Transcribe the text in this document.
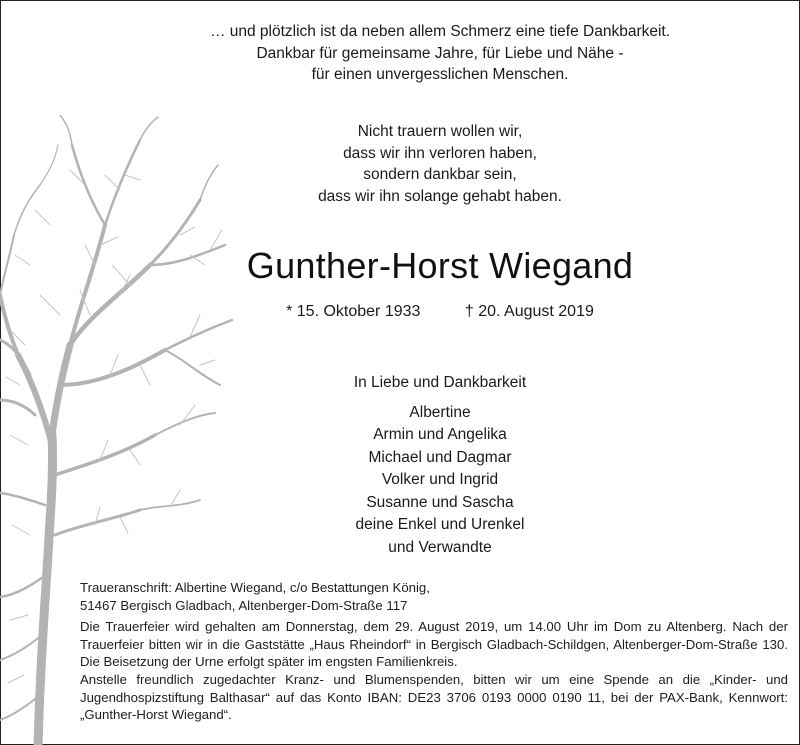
… und plötzlich ist da neben allem Schmerz eine tiefe Dankbarkeit.
Dankbar für gemeinsame Jahre, für Liebe und Nähe -
für einen unvergesslichen Menschen.
Nicht trauern wollen wir,
dass wir ihn verloren haben,
sondern dankbar sein,
dass wir ihn solange gehabt haben.
Gunther-Horst Wiegand
* 15. Oktober 1933	† 20. August 2019
In Liebe und Dankbarkeit
Albertine
Armin und Angelika
Michael und Dagmar
Volker und Ingrid
Susanne und Sascha
deine Enkel und Urenkel
und Verwandte
Traueranschrift: Albertine Wiegand, c/o Bestattungen König,
51467 Bergisch Gladbach, Altenberger-Dom-Straße 117

Die Trauerfeier wird gehalten am Donnerstag, dem 29. August 2019, um 14.00 Uhr im Dom zu Altenberg. Nach der Trauerfeier bitten wir in die Gaststätte „Haus Rheindorf“ in Bergisch Gladbach-Schildgen, Altenberger-Dom-Straße 130. Die Beisetzung der Urne erfolgt später im engsten Familienkreis.

Anstelle freundlich zugedachter Kranz- und Blumenspenden, bitten wir um eine Spende an die „Kinder- und Jugendhospizstiftung Balthasar“ auf das Konto IBAN: DE23 3706 0193 0000 0190 11, bei der PAX-Bank, Kennwort: „Gunther-Horst Wiegand“.
